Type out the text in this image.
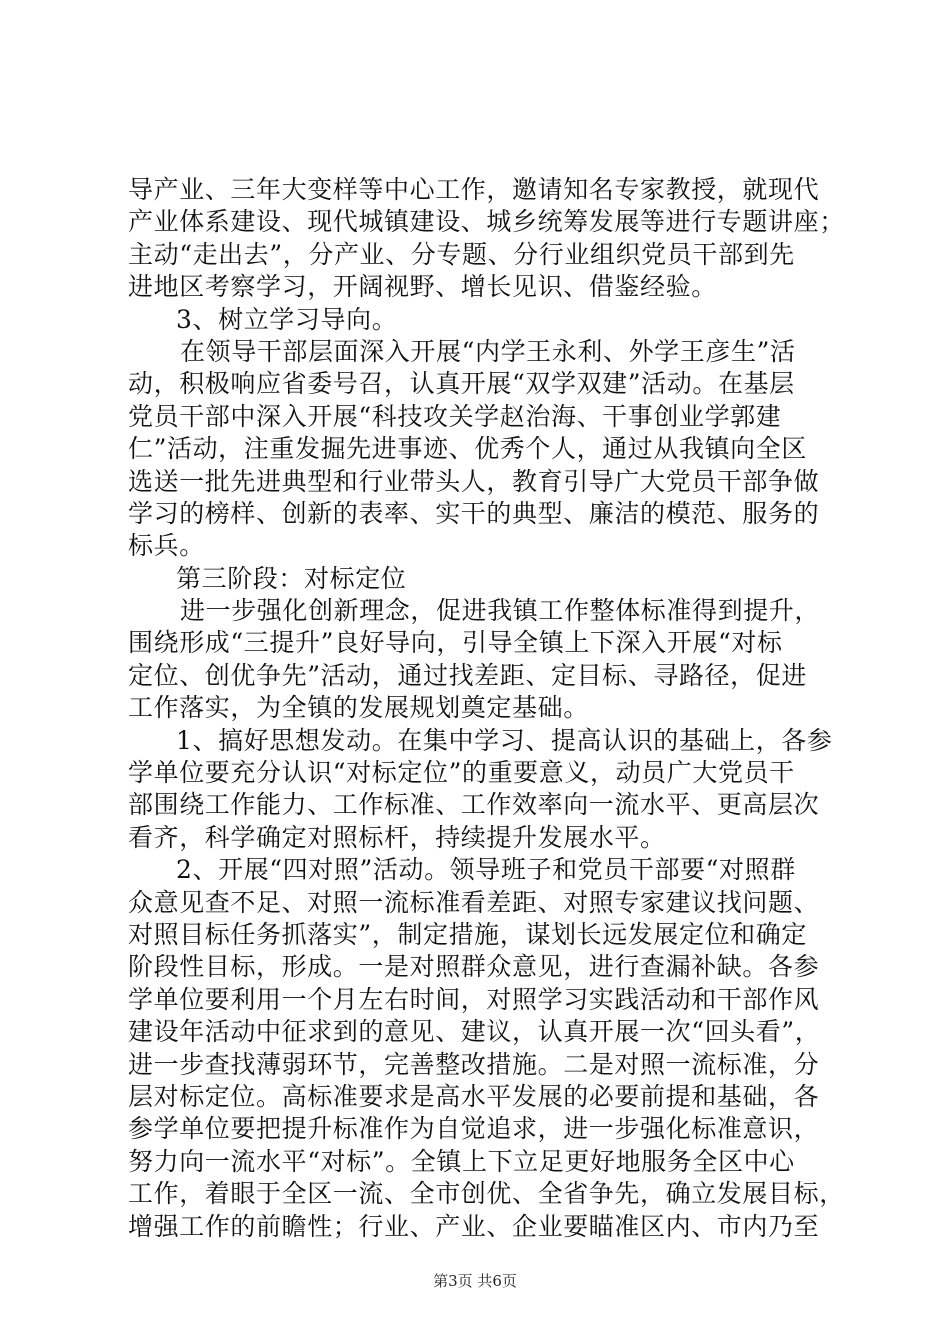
导产业、三年大变样等中心工作，邀请知名专家教授，就现代
产业体系建设、现代城镇建设、城乡统筹发展等进行专题讲座；
主动“走出去”，分产业、分专题、分行业组织党员干部到先
进地区考察学习，开阔视野、增长见识、借鉴经验。
3、树立学习导向。
在领导干部层面深入开展“内学王永利、外学王彦生”活
动，积极响应省委号召，认真开展“双学双建”活动。在基层
党员干部中深入开展“科技攻关学赵治海、干事创业学郭建
仁”活动，注重发掘先进事迹、优秀个人，通过从我镇向全区
选送一批先进典型和行业带头人，教育引导广大党员干部争做
学习的榜样、创新的表率、实干的典型、廉洁的模范、服务的
标兵。
第三阶段：对标定位
进一步强化创新理念，促进我镇工作整体标准得到提升，
围绕形成“三提升”良好导向，引导全镇上下深入开展“对标
定位、创优争先”活动，通过找差距、定目标、寻路径，促进
工作落实，为全镇的发展规划奠定基础。
1、搞好思想发动。在集中学习、提高认识的基础上，各参
学单位要充分认识“对标定位”的重要意义，动员广大党员干
部围绕工作能力、工作标准、工作效率向一流水平、更高层次
看齐，科学确定对照标杆，持续提升发展水平。
2、开展“四对照”活动。领导班子和党员干部要“对照群
众意见查不足、对照一流标准看差距、对照专家建议找问题、
对照目标任务抓落实”，制定措施，谋划长远发展定位和确定
阶段性目标，形成。一是对照群众意见，进行查漏补缺。各参
学单位要利用一个月左右时间，对照学习实践活动和干部作风
建设年活动中征求到的意见、建议，认真开展一次“回头看”，
进一步查找薄弱环节，完善整改措施。二是对照一流标准，分
层对标定位。高标准要求是高水平发展的必要前提和基础，各
参学单位要把提升标准作为自觉追求，进一步强化标准意识，
努力向一流水平“对标”。全镇上下立足更好地服务全区中心
工作，着眼于全区一流、全市创优、全省争先，确立发展目标，
增强工作的前瞻性；行业、产业、企业要瞄准区内、市内乃至
第3页 共6页
